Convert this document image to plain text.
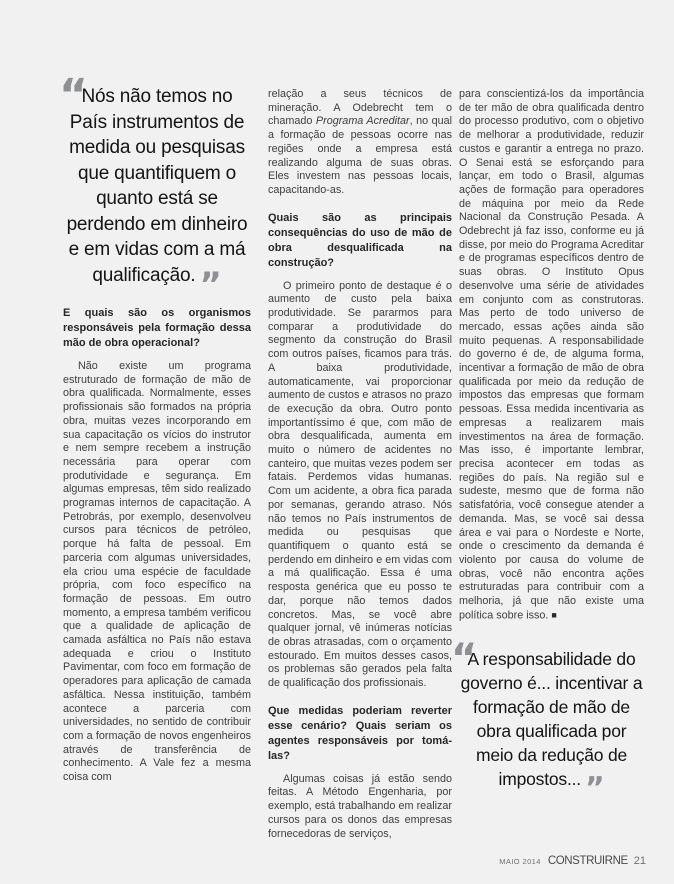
“
Nós não temos no País instrumentos de medida ou pesquisas que quantifiquem o quanto está se perdendo em dinheiro e em vidas com a má qualificação. ”
E quais são os organismos responsáveis pela formação dessa mão de obra operacional?

Não existe um programa estruturado de formação de mão de obra qualificada. Normalmente, esses profissionais são formados na própria obra, muitas vezes incorporando em sua capacitação os vícios do instrutor e nem sempre recebem a instrução necessária para operar com produtividade e segurança. Em algumas empresas, têm sido realizado programas internos de capacitação. A Petrobrás, por exemplo, desenvolveu cursos para técnicos de petróleo, porque há falta de pessoal. Em parceria com algumas universidades, ela criou uma espécie de faculdade própria, com foco específico na formação de pessoas. Em outro momento, a empresa também verificou que a qualidade de aplicação de camada asfáltica no País não estava adequada e criou o Instituto Pavimentar, com foco em formação de operadores para aplicação de camada asfáltica. Nessa instituição, também acontece a parceria com universidades, no sentido de contribuir com a formação de novos engenheiros através de transferência de conhecimento. A Vale fez a mesma coisa com

relação a seus técnicos de mineração. A Odebrecht tem o chamado Programa Acreditar, no qual a formação de pessoas ocorre nas regiões onde a empresa está realizando alguma de suas obras. Eles investem nas pessoas locais, capacitando-as.

Quais são as principais consequências do uso de mão de obra desqualificada na construção?

O primeiro ponto de destaque é o aumento de custo pela baixa produtividade. Se pararmos para comparar a produtividade do segmento da construção do Brasil com outros países, ficamos para trás. A baixa produtividade, automaticamente, vai proporcionar aumento de custos e atrasos no prazo de execução da obra. Outro ponto importantíssimo é que, com mão de obra desqualificada, aumenta em muito o número de acidentes no canteiro, que muitas vezes podem ser fatais. Perdemos vidas humanas. Com um acidente, a obra fica parada por semanas, gerando atraso. Nós não temos no País instrumentos de medida ou pesquisas que quantifiquem o quanto está se perdendo em dinheiro e em vidas com a má qualificação. Essa é uma resposta genérica que eu posso te dar, porque não temos dados concretos. Mas, se você abre qualquer jornal, vê inúmeras notícias de obras atrasadas, com o orçamento estourado. Em muitos desses casos, os problemas são gerados pela falta de qualificação dos profissionais.

Que medidas poderiam reverter esse cenário? Quais seriam os agentes responsáveis por tomá-las?

Algumas coisas já estão sendo feitas. A Método Engenharia, por exemplo, está trabalhando em realizar cursos para os donos das empresas fornecedoras de serviços,

para conscientizá-los da importância de ter mão de obra qualificada dentro do processo produtivo, com o objetivo de melhorar a produtividade, reduzir custos e garantir a entrega no prazo. O Senai está se esforçando para lançar, em todo o Brasil, algumas ações de formação para operadores de máquina por meio da Rede Nacional da Construção Pesada. A Odebrecht já faz isso, conforme eu já disse, por meio do Programa Acreditar e de programas específicos dentro de suas obras. O Instituto Opus desenvolve uma série de atividades em conjunto com as construtoras. Mas perto de todo universo de mercado, essas ações ainda são muito pequenas. A responsabilidade do governo é de, de alguma forma, incentivar a formação de mão de obra qualificada por meio da redução de impostos das empresas que formam pessoas. Essa medida incentivaria as empresas a realizarem mais investimentos na área de formação. Mas isso, é importante lembrar, precisa acontecer em todas as regiões do país. Na região sul e sudeste, mesmo que de forma não satisfatória, você consegue atender a demanda. Mas, se você sai dessa área e vai para o Nordeste e Norte, onde o crescimento da demanda é violento por causa do volume de obras, você não encontra ações estruturadas para contribuir com a melhoria, já que não existe uma política sobre isso. ■

“
A responsabilidade do governo é... incentivar a formação de mão de obra qualificada por meio da redução de impostos... ”
MAIO 2014 CONSTRUIRNE 21
